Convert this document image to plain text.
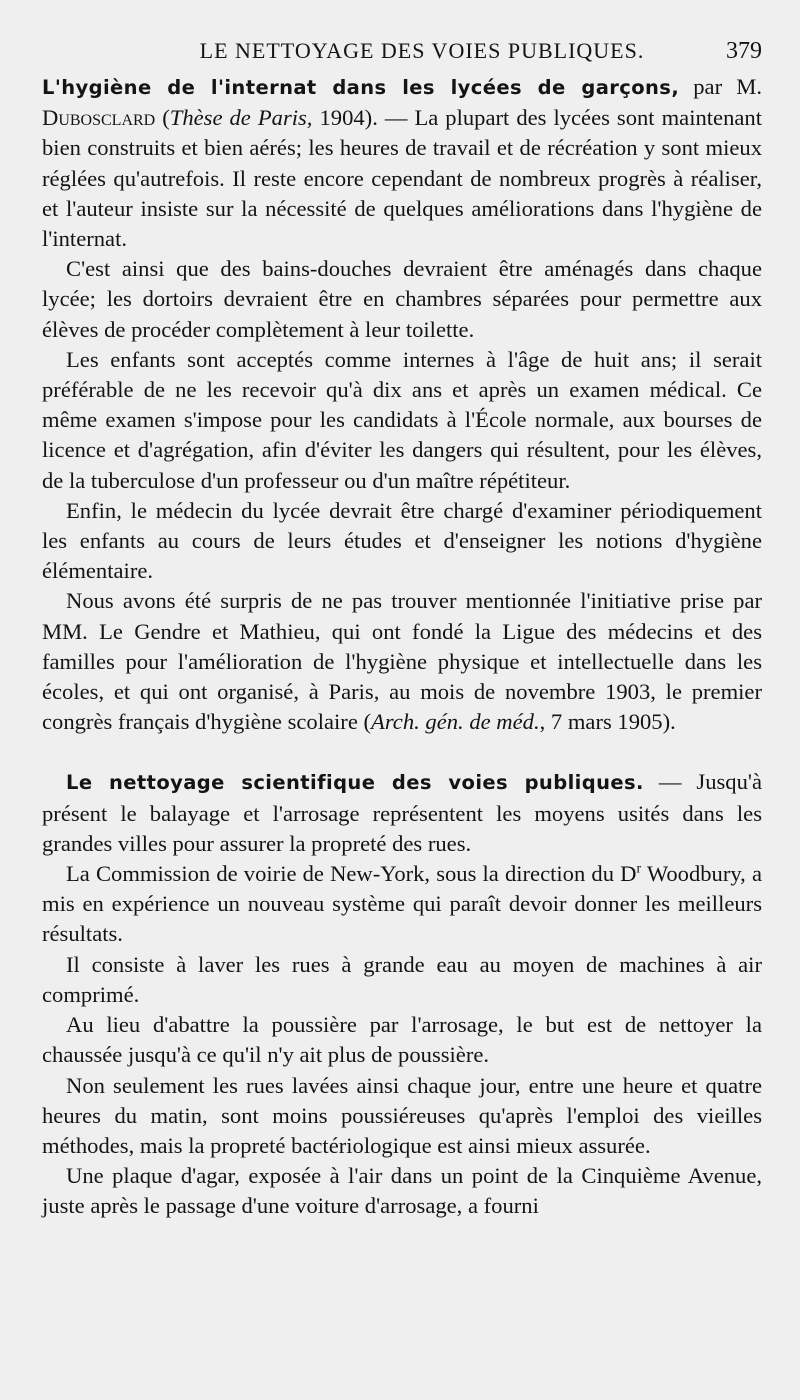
LE NETTOYAGE DES VOIES PUBLIQUES.	379

L'hygiène de l'internat dans les lycées de garçons, par M. Dubosclard (Thèse de Paris, 1904). — La plupart des lycées sont maintenant bien construits et bien aérés; les heures de travail et de récréation y sont mieux réglées qu'autrefois. Il reste encore cependant de nombreux progrès à réaliser, et l'auteur insiste sur la nécessité de quelques améliorations dans l'hygiène de l'internat.

C'est ainsi que des bains-douches devraient être aménagés dans chaque lycée; les dortoirs devraient être en chambres séparées pour permettre aux élèves de procéder complètement à leur toilette.

Les enfants sont acceptés comme internes à l'âge de huit ans; il serait préférable de ne les recevoir qu'à dix ans et après un examen médical. Ce même examen s'impose pour les candidats à l'École normale, aux bourses de licence et d'agrégation, afin d'éviter les dangers qui résultent, pour les élèves, de la tuberculose d'un professeur ou d'un maître répétiteur.

Enfin, le médecin du lycée devrait être chargé d'examiner périodiquement les enfants au cours de leurs études et d'enseigner les notions d'hygiène élémentaire.

Nous avons été surpris de ne pas trouver mentionnée l'initiative prise par MM. Le Gendre et Mathieu, qui ont fondé la Ligue des médecins et des familles pour l'amélioration de l'hygiène physique et intellectuelle dans les écoles, et qui ont organisé, à Paris, au mois de novembre 1903, le premier congrès français d'hygiène scolaire (Arch. gén. de méd., 7 mars 1905).

Le nettoyage scientifique des voies publiques. — Jusqu'à présent le balayage et l'arrosage représentent les moyens usités dans les grandes villes pour assurer la propreté des rues.

La Commission de voirie de New-York, sous la direction du $D^r$ Woodbury, a mis en expérience un nouveau système qui paraît devoir donner les meilleurs résultats.

Il consiste à laver les rues à grande eau au moyen de machines à air comprimé.

Au lieu d'abattre la poussière par l'arrosage, le but est de nettoyer la chaussée jusqu'à ce qu'il n'y ait plus de poussière.

Non seulement les rues lavées ainsi chaque jour, entre une heure et quatre heures du matin, sont moins poussiéreuses qu'après l'emploi des vieilles méthodes, mais la propreté bactériologique est ainsi mieux assurée.

Une plaque d'agar, exposée à l'air dans un point de la Cinquième Avenue, juste après le passage d'une voiture d'arrosage, a fourni
